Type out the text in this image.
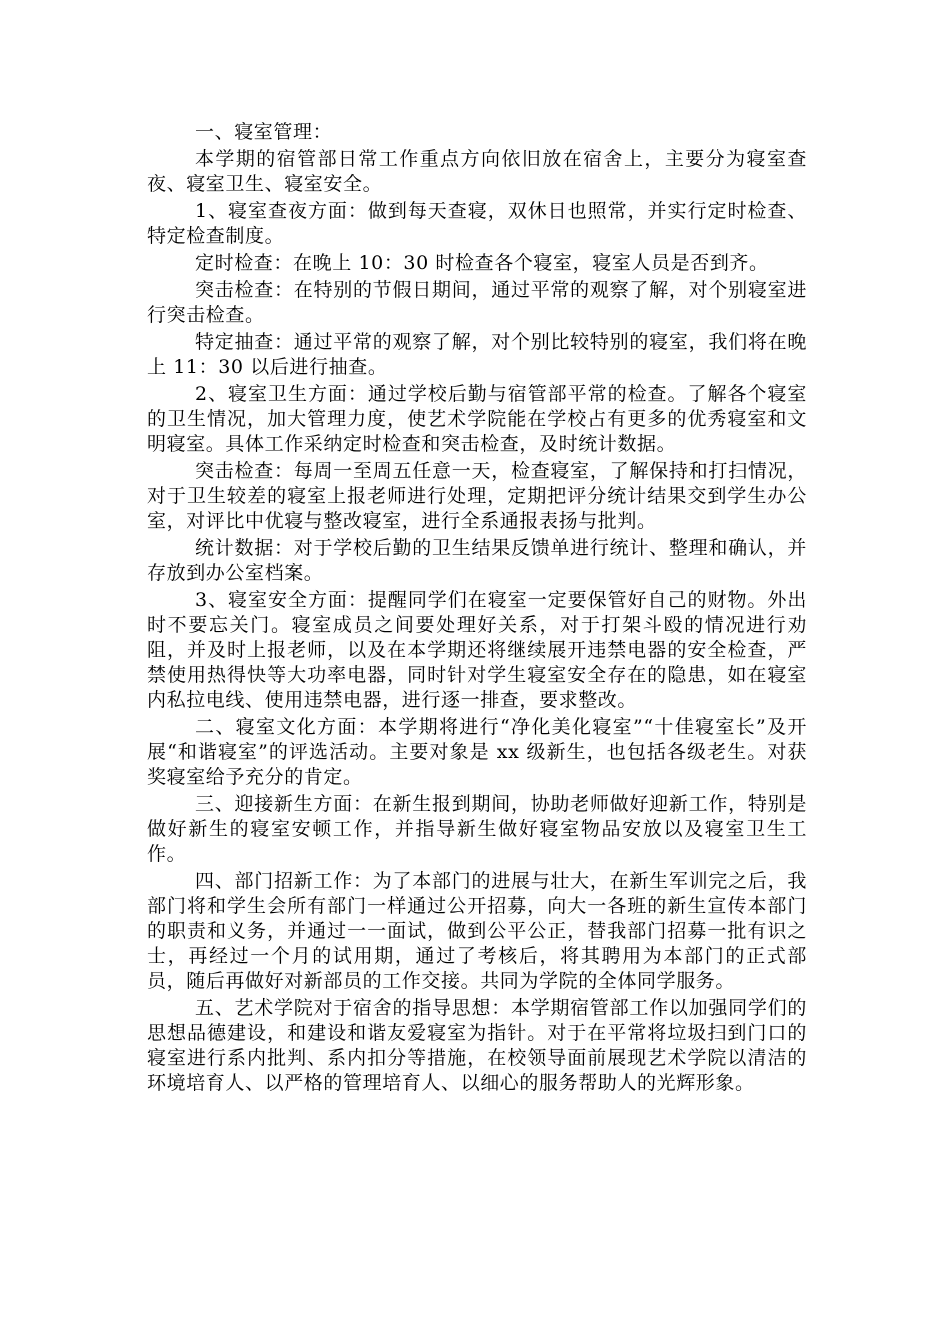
一、寝室管理：

本学期的宿管部日常工作重点方向依旧放在宿舍上，主要分为寝室查夜、寝室卫生、寝室安全。

1、寝室查夜方面：做到每天查寝，双休日也照常，并实行定时检查、特定检查制度。

定时检查：在晚上 10：30 时检查各个寝室，寝室人员是否到齐。

突击检查：在特别的节假日期间，通过平常的观察了解，对个别寝室进行突击检查。

特定抽查：通过平常的观察了解，对个别比较特别的寝室，我们将在晚上 11：30 以后进行抽查。

2、寝室卫生方面：通过学校后勤与宿管部平常的检查。了解各个寝室的卫生情况，加大管理力度，使艺术学院能在学校占有更多的优秀寝室和文明寝室。具体工作采纳定时检查和突击检查，及时统计数据。

突击检查：每周一至周五任意一天，检查寝室，了解保持和打扫情况，对于卫生较差的寝室上报老师进行处理，定期把评分统计结果交到学生办公室，对评比中优寝与整改寝室，进行全系通报表扬与批判。

统计数据：对于学校后勤的卫生结果反馈单进行统计、整理和确认，并存放到办公室档案。

3、寝室安全方面：提醒同学们在寝室一定要保管好自己的财物。外出时不要忘关门。寝室成员之间要处理好关系，对于打架斗殴的情况进行劝阻，并及时上报老师，以及在本学期还将继续展开违禁电器的安全检查，严禁使用热得快等大功率电器，同时针对学生寝室安全存在的隐患，如在寝室内私拉电线、使用违禁电器，进行逐一排查，要求整改。

二、寝室文化方面：本学期将进行“净化美化寝室”“十佳寝室长”及开展“和谐寝室”的评选活动。主要对象是 xx 级新生，也包括各级老生。对获奖寝室给予充分的肯定。

三、迎接新生方面：在新生报到期间，协助老师做好迎新工作，特别是做好新生的寝室安顿工作，并指导新生做好寝室物品安放以及寝室卫生工作。

四、部门招新工作：为了本部门的进展与壮大，在新生军训完之后，我部门将和学生会所有部门一样通过公开招募，向大一各班的新生宣传本部门的职责和义务，并通过一一面试，做到公平公正，替我部门招募一批有识之士，再经过一个月的试用期，通过了考核后，将其聘用为本部门的正式部员，随后再做好对新部员的工作交接。共同为学院的全体同学服务。

五、艺术学院对于宿舍的指导思想：本学期宿管部工作以加强同学们的思想品德建设，和建设和谐友爱寝室为指针。对于在平常将垃圾扫到门口的寝室进行系内批判、系内扣分等措施，在校领导面前展现艺术学院以清洁的环境培育人、以严格的管理培育人、以细心的服务帮助人的光辉形象。
